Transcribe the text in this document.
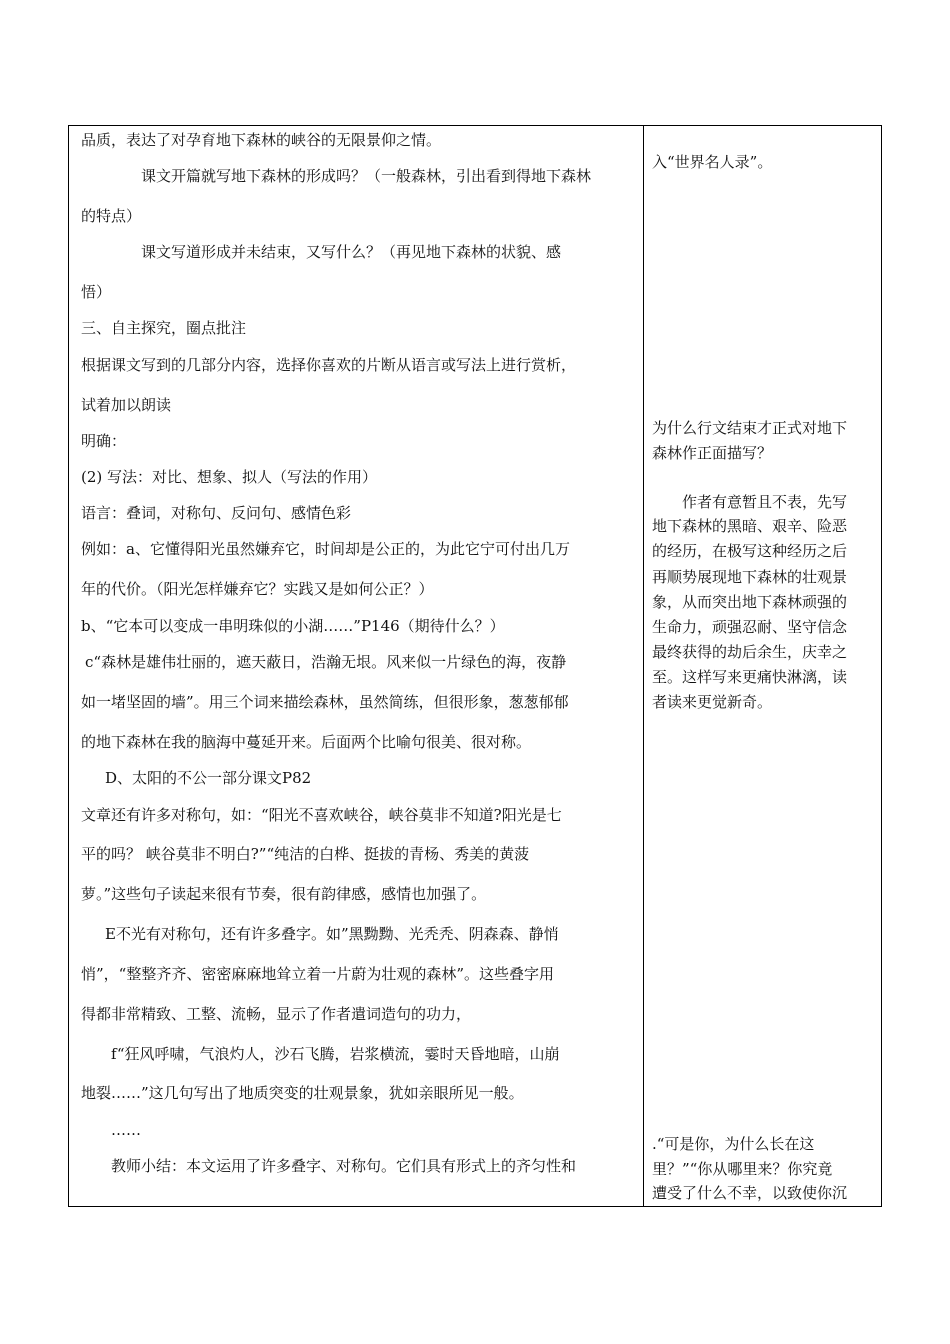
品质，表达了对孕育地下森林的峡谷的无限景仰之情。
课文开篇就写地下森林的形成吗？（一般森林，引出看到得地下森林
的特点）
课文写道形成并未结束，又写什么？（再见地下森林的状貌、感
悟）
三、自主探究，圈点批注
根据课文写到的几部分内容，选择你喜欢的片断从语言或写法上进行赏析，
试着加以朗读
明确：
(2) 写法：对比、想象、拟人（写法的作用）
语言：叠词，对称句、反问句、感情色彩
例如：a、它懂得阳光虽然嫌弃它，时间却是公正的，为此它宁可付出几万
年的代价。（阳光怎样嫌弃它？实践又是如何公正？）
b、“它本可以变成一串明珠似的小湖……”P146（期待什么？）
c“森林是雄伟壮丽的，遮天蔽日，浩瀚无垠。风来似一片绿色的海，夜静
如一堵坚固的墙”。用三个词来描绘森林，虽然简练，但很形象，葱葱郁郁
的地下森林在我的脑海中蔓延开来。后面两个比喻句很美、很对称。
D、太阳的不公一部分课文P82
文章还有许多对称句，如：“阳光不喜欢峡谷，峡谷莫非不知道?阳光是七
平的吗？ 峡谷莫非不明白?”“纯洁的白桦、挺拔的青杨、秀美的黄菠
萝。”这些句子读起来很有节奏，很有韵律感，感情也加强了。
E不光有对称句，还有许多叠字。如”黑黝黝、光秃秃、阴森森、静悄
悄”，“整整齐齐、密密麻麻地耸立着一片蔚为壮观的森林”。这些叠字用
得都非常精致、工整、流畅，显示了作者遣词造句的功力，
f“狂风呼啸，气浪灼人，沙石飞腾，岩浆横流，霎时天昏地暗，山崩
地裂……”这几句写出了地质突变的壮观景象，犹如亲眼所见一般。
……
教师小结：本文运用了许多叠字、对称句。它们具有形式上的齐匀性和
入“世界名人录”。
为什么行文结束才正式对地下
森林作正面描写？
作者有意暂且不表，先写
地下森林的黑暗、艰辛、险恶
的经历，在极写这种经历之后
再顺势展现地下森林的壮观景
象，从而突出地下森林顽强的
生命力，顽强忍耐、坚守信念
最终获得的劫后余生，庆幸之
至。这样写来更痛快淋漓，读
者读来更觉新奇。
.“可是你，为什么长在这
里？”“你从哪里来？你究竟
遭受了什么不幸，以致使你沉
